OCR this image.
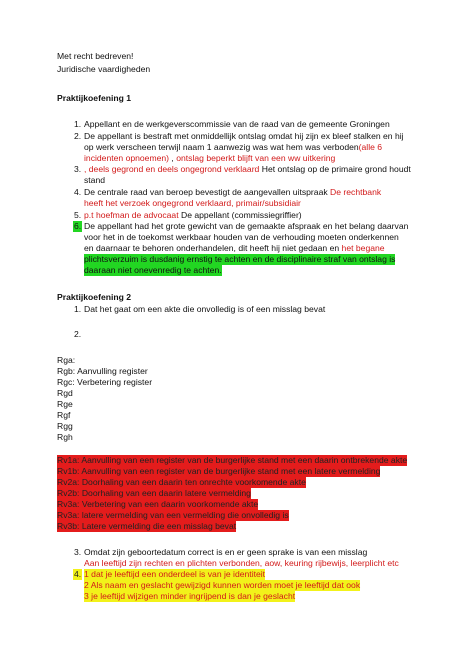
Met recht bedreven!
Juridische vaardigheden
Praktijkoefening 1
1. Appellant en de werkgeverscommissie van de raad van de gemeente Groningen
2. De appellant is bestraft met onmiddellijk ontslag omdat hij zijn ex bleef stalken en hij
op werk verscheen terwijl naam 1 aanwezig was wat hem was verboden(alle 6
incidenten opnoemen) , ontslag beperkt blijft van een ww uitkering
3. , deels gegrond en deels ongegrond verklaard Het ontslag op de primaire grond houdt
stand
4. De centrale raad van beroep bevestigt de aangevallen uitspraak De rechtbank
heeft het verzoek ongegrond verklaard, primair/subsidiair
5. p.t hoefman de advocaat De appellant (commissiegriffier)
6. De appellant had het grote gewicht van de gemaakte afspraak en het belang daarvan
voor het in de toekomst werkbaar houden van de verhouding moeten onderkennen
en daarnaar te behoren onderhandelen, dit heeft hij niet gedaan en het begane
plichtsverzuim is dusdanig ernstig te achten en de disciplinaire straf van ontslag is
daaraan niet onevenredig te achten.
Praktijkoefening 2
1. Dat het gaat om een akte die onvolledig is of een misslag bevat
2.
Rga:
Rgb: Aanvulling register
Rgc: Verbetering register
Rgd
Rge
Rgf
Rgg
Rgh
Rv1a: Aanvulling van een register van de burgerlijke stand met een daarin ontbrekende akte
Rv1b: Aanvulling van een register van de burgerlijke stand met een latere vermelding
Rv2a: Doorhaling van een daarin ten onrechte voorkomende akte
Rv2b: Doorhaling van een daarin latere vermelding
Rv3a: Verbetering van een daarin voorkomende akte
Rv3a: latere vermelding van een vermelding die onvolledig is
Rv3b: Latere vermelding die een misslag bevat
3. Omdat zijn geboortedatum correct is en er geen sprake is van een misslag
Aan leeftijd zijn rechten en plichten verbonden, aow, keuring rijbewijs, leerplicht etc
4. 1 dat je leeftijd een onderdeel is van je identiteit
2 Als naam en geslacht gewijzigd kunnen worden moet je leeftijd dat ook
3 je leeftijd wijzigen minder ingrijpend is dan je geslacht
